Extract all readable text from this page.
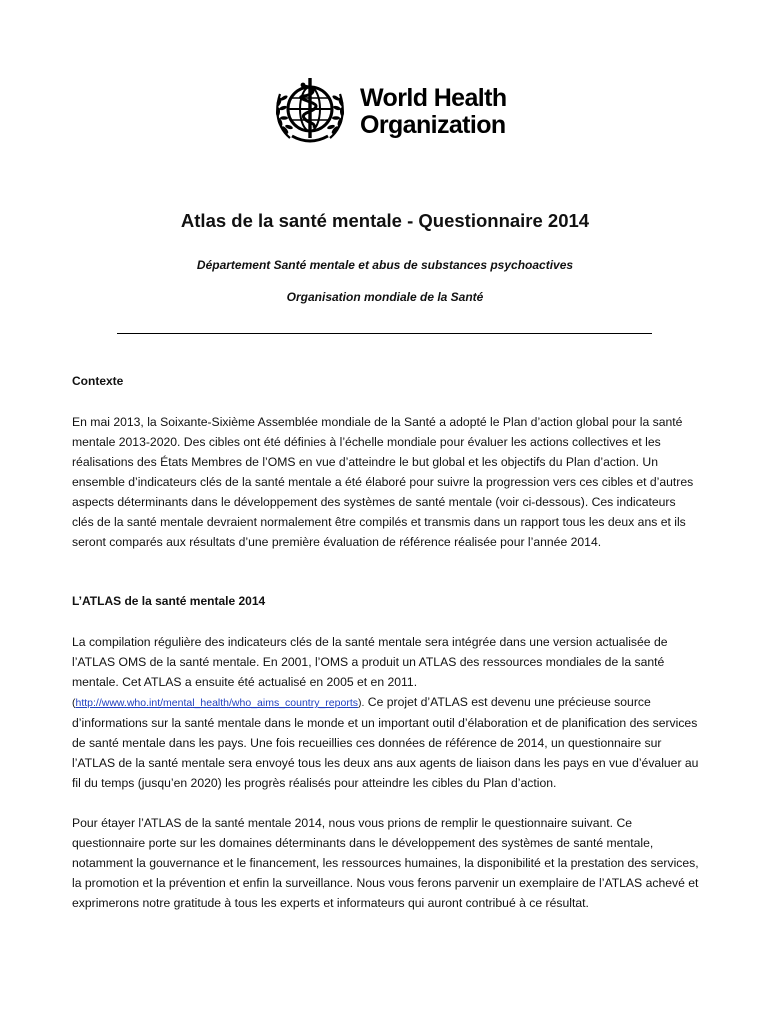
World Health
Organization
Atlas de la santé mentale - Questionnaire 2014

Département Santé mentale et abus de substances psychoactives

Organisation mondiale de la Santé

Contexte

En mai 2013, la Soixante-Sixième Assemblée mondiale de la Santé a adopté le Plan d’action global pour la santé mentale 2013-2020. Des cibles ont été définies à l’échelle mondiale pour évaluer les actions collectives et les réalisations des États Membres de l’OMS en vue d’atteindre le but global et les objectifs du Plan d’action. Un ensemble d’indicateurs clés de la santé mentale a été élaboré pour suivre la progression vers ces cibles et d’autres aspects déterminants dans le développement des systèmes de santé mentale (voir ci-dessous). Ces indicateurs clés de la santé mentale devraient normalement être compilés et transmis dans un rapport tous les deux ans et ils seront comparés aux résultats d’une première évaluation de référence réalisée pour l’année 2014.

L’ATLAS de la santé mentale 2014

La compilation régulière des indicateurs clés de la santé mentale sera intégrée dans une version actualisée de l’ATLAS OMS de la santé mentale. En 2001, l’OMS a produit un ATLAS des ressources mondiales de la santé mentale. Cet ATLAS a ensuite été actualisé en 2005 et en 2011.
(http://www.who.int/mental_health/who_aims_country_reports). Ce projet d’ATLAS est devenu une précieuse source d’informations sur la santé mentale dans le monde et un important outil d’élaboration et de planification des services de santé mentale dans les pays. Une fois recueillies ces données de référence de 2014, un questionnaire sur l’ATLAS de la santé mentale sera envoyé tous les deux ans aux agents de liaison dans les pays en vue d’évaluer au fil du temps (jusqu’en 2020) les progrès réalisés pour atteindre les cibles du Plan d’action.

Pour étayer l’ATLAS de la santé mentale 2014, nous vous prions de remplir le questionnaire suivant. Ce questionnaire porte sur les domaines déterminants dans le développement des systèmes de santé mentale, notamment la gouvernance et le financement, les ressources humaines, la disponibilité et la prestation des services, la promotion et la prévention et enfin la surveillance. Nous vous ferons parvenir un exemplaire de l’ATLAS achevé et exprimerons notre gratitude à tous les experts et informateurs qui auront contribué à ce résultat.
